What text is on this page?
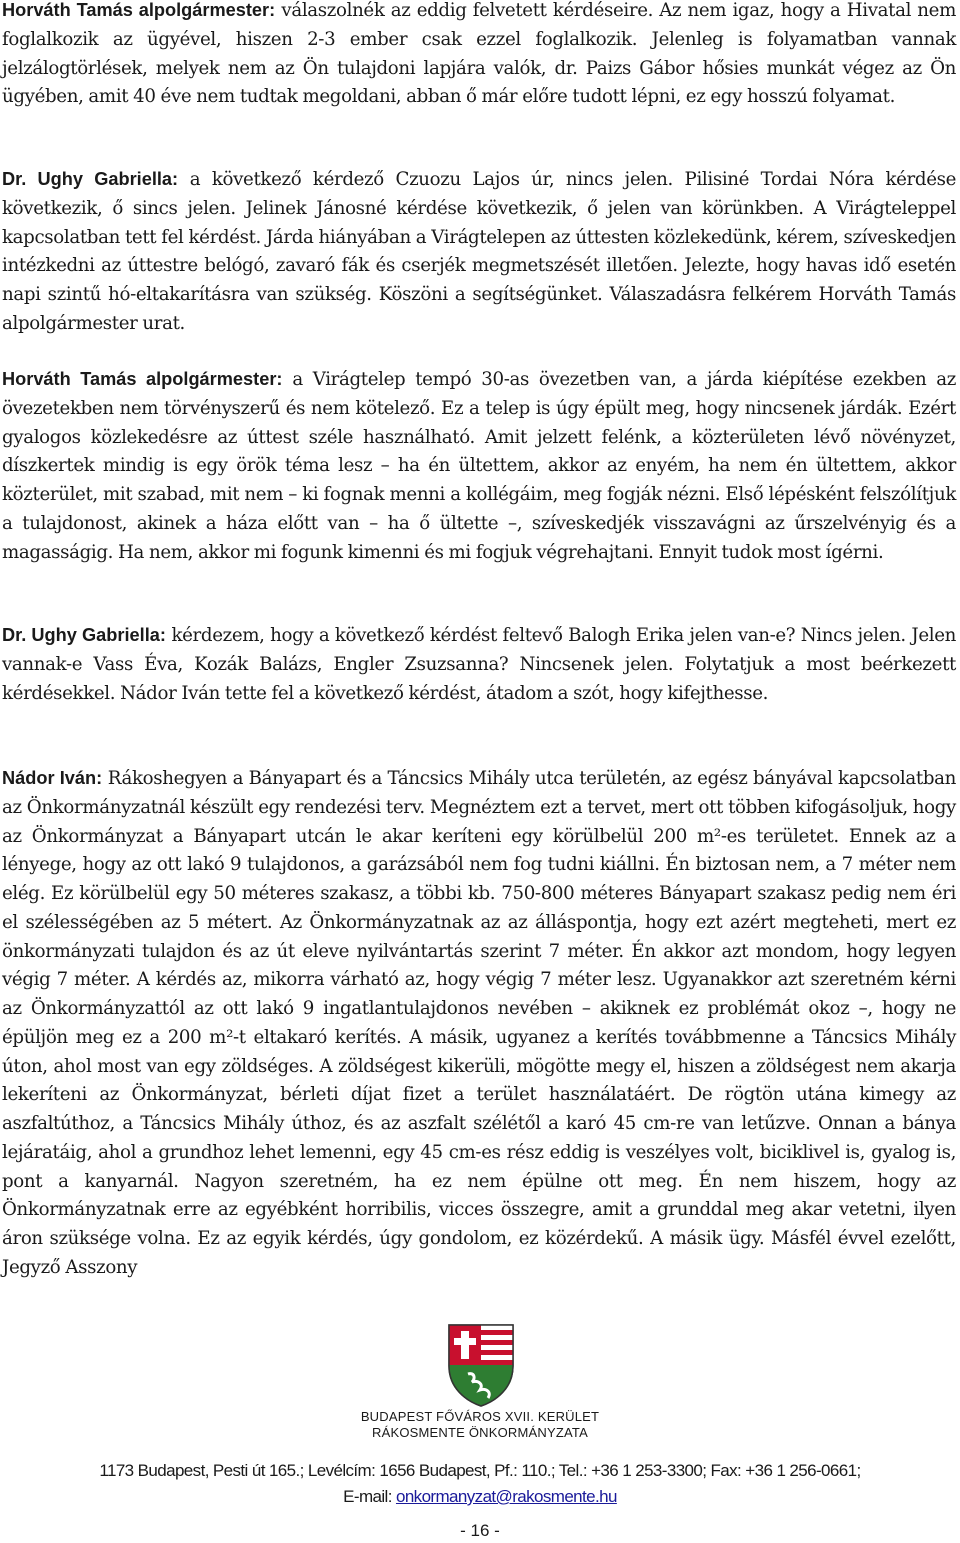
Horváth Tamás alpolgármester: válaszolnék az eddig felvetett kérdéseire. Az nem igaz, hogy a Hivatal nem foglalkozik az ügyével, hiszen 2-3 ember csak ezzel foglalkozik. Jelenleg is folyamatban vannak jelzálogtörlések, melyek nem az Ön tulajdoni lapjára valók, dr. Paizs Gábor hősies munkát végez az Ön ügyében, amit 40 éve nem tudtak megoldani, abban ő már előre tudott lépni, ez egy hosszú folyamat.

Dr. Ughy Gabriella: a következő kérdező Czuozu Lajos úr, nincs jelen. Pilisiné Tordai Nóra kérdése következik, ő sincs jelen. Jelinek Jánosné kérdése következik, ő jelen van körünkben. A Virágteleppel kapcsolatban tett fel kérdést. Járda hiányában a Virágtelepen az úttesten közlekedünk, kérem, szíveskedjen intézkedni az úttestre belógó, zavaró fák és cserjék megmetszését illetően. Jelezte, hogy havas idő esetén napi szintű hó-eltakarításra van szükség. Köszöni a segítségünket. Válaszadásra felkérem Horváth Tamás alpolgármester urat.

Horváth Tamás alpolgármester: a Virágtelep tempó 30-as övezetben van, a járda kiépítése ezekben az övezetekben nem törvényszerű és nem kötelező. Ez a telep is úgy épült meg, hogy nincsenek járdák. Ezért gyalogos közlekedésre az úttest széle használható. Amit jelzett felénk, a közterületen lévő növényzet, díszkertek mindig is egy örök téma lesz – ha én ültettem, akkor az enyém, ha nem én ültettem, akkor közterület, mit szabad, mit nem – ki fognak menni a kollégáim, meg fogják nézni. Első lépésként felszólítjuk a tulajdonost, akinek a háza előtt van – ha ő ültette –, szíveskedjék visszavágni az űrszelvényig és a magasságig. Ha nem, akkor mi fogunk kimenni és mi fogjuk végrehajtani. Ennyit tudok most ígérni.

Dr. Ughy Gabriella: kérdezem, hogy a következő kérdést feltevő Balogh Erika jelen van-e? Nincs jelen. Jelen vannak-e Vass Éva, Kozák Balázs, Engler Zsuzsanna? Nincsenek jelen. Folytatjuk a most beérkezett kérdésekkel. Nádor Iván tette fel a következő kérdést, átadom a szót, hogy kifejthesse.

Nádor Iván: Rákoshegyen a Bányapart és a Táncsics Mihály utca területén, az egész bányával kapcsolatban az Önkormányzatnál készült egy rendezési terv. Megnéztem ezt a tervet, mert ott többen kifogásoljuk, hogy az Önkormányzat a Bányapart utcán le akar keríteni egy körülbelül 200 m²-es területet. Ennek az a lényege, hogy az ott lakó 9 tulajdonos, a garázsából nem fog tudni kiállni. Én biztosan nem, a 7 méter nem elég. Ez körülbelül egy 50 méteres szakasz, a többi kb. 750-800 méteres Bányapart szakasz pedig nem éri el szélességében az 5 métert. Az Önkormányzatnak az az álláspontja, hogy ezt azért megteheti, mert ez önkormányzati tulajdon és az út eleve nyilvántartás szerint 7 méter. Én akkor azt mondom, hogy legyen végig 7 méter. A kérdés az, mikorra várható az, hogy végig 7 méter lesz. Ugyanakkor azt szeretném kérni az Önkormányzattól az ott lakó 9 ingatlantulajdonos nevében – akiknek ez problémát okoz –, hogy ne épüljön meg ez a 200 m²-t eltakaró kerítés. A másik, ugyanez a kerítés továbbmenne a Táncsics Mihály úton, ahol most van egy zöldséges. A zöldségest kikerüli, mögötte megy el, hiszen a zöldségest nem akarja lekeríteni az Önkormányzat, bérleti díjat fizet a terület használatáért. De rögtön utána kimegy az aszfaltúthoz, a Táncsics Mihály úthoz, és az aszfalt szélétől a karó 45 cm-re van letűzve. Onnan a bánya lejáratáig, ahol a grundhoz lehet lemenni, egy 45 cm-es rész eddig is veszélyes volt, biciklivel is, gyalog is, pont a kanyarnál. Nagyon szeretném, ha ez nem épülne ott meg. Én nem hiszem, hogy az Önkormányzatnak erre az egyébként horribilis, vicces összegre, amit a grunddal meg akar vetetni, ilyen áron szüksége volna. Ez az egyik kérdés, úgy gondolom, ez közérdekű. A másik ügy. Másfél évvel ezelőtt, Jegyző Asszony

BUDAPEST FŐVÁROS XVII. KERÜLET
RÁKOSMENTE ÖNKORMÁNYZATA
1173 Budapest, Pesti út 165.; Levélcím: 1656 Budapest, Pf.: 110.; Tel.: +36 1 253-3300; Fax: +36 1 256-0661;
E-mail: onkormanyzat@rakosmente.hu
- 16 -
